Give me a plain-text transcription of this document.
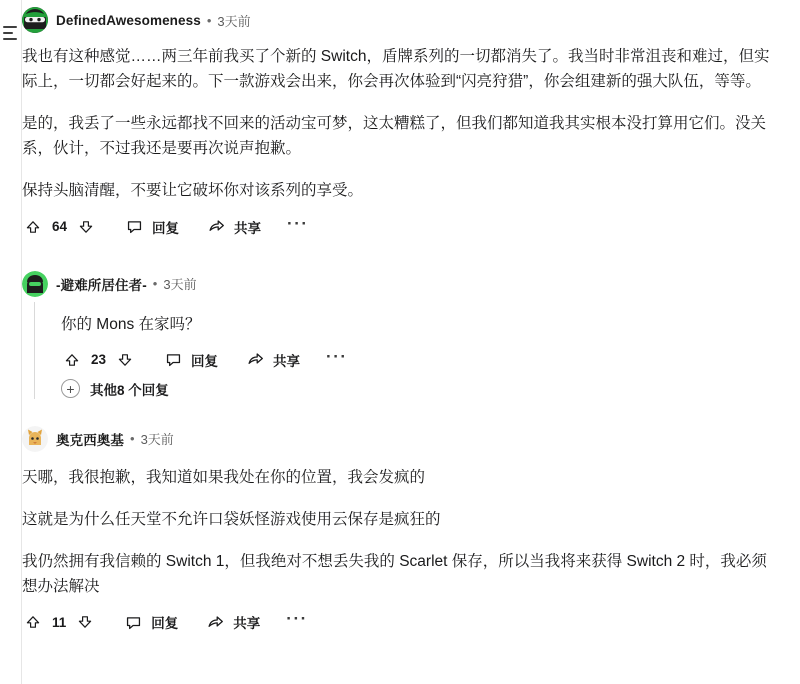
DefinedAwesomeness • 3天前

我也有这种感觉……两三年前我买了个新的 Switch，盾牌系列的一切都消失了。我当时非常沮丧和难过，但实际上，一切都会好起来的。下一款游戏会出来，你会再次体验到“闪亮狩猎”，你会组建新的强大队伍，等等。

是的，我丢了一些永远都找不回来的活动宝可梦，这太糟糕了，但我们都知道我其实根本没打算用它们。没关系，伙计，不过我还是要再次说声抱歉。

保持头脑清醒，不要让它破坏你对该系列的享受。

64	回复	共享 ···
-避难所居住者- • 3天前

你的 Mons 在家吗？

23	回复	共享 ···
+	其他8 个回复
奥克西奥基 • 3天前

天哪，我很抱歉，我知道如果我处在你的位置，我会发疯的

这就是为什么任天堂不允许口袋妖怪游戏使用云保存是疯狂的

我仍然拥有我信赖的 Switch 1，但我绝对不想丢失我的 Scarlet 保存，所以当我将来获得 Switch 2 时，我必须想办法解决

11	回复	共享 ···
